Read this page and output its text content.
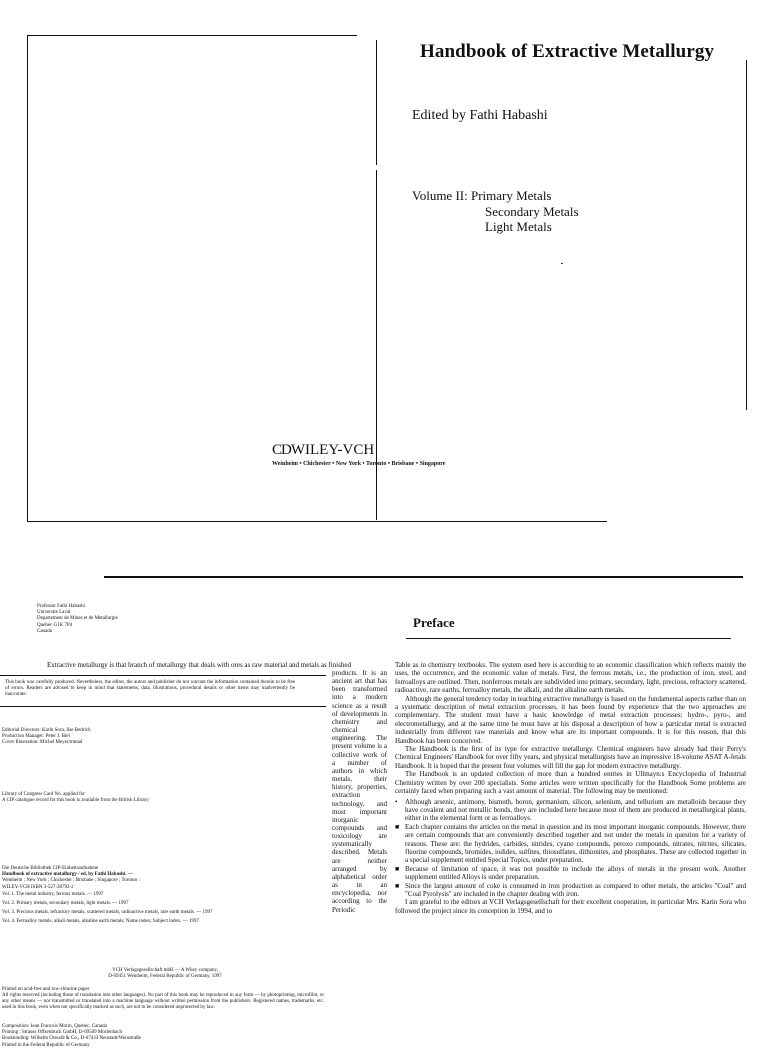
Handbook of Extractive Metallurgy
Edited by Fathi Habashi
Volume II: Primary Metals
Secondary Metals
Light Metals
CDWILEY-VCH
Weinheim • Chichester • New York • Toronto • Brisbane • Singapore
Professor Fathi Habashi
Universite Laval
Departement de Mines et de Metallurgie
Quebec G1K 7P4
Canada
Preface
Extractive metallurgy is that branch of metallurgy that deals with ores as raw material and metals as finished
This book was carefully produced. Nevertheless, the editor, the autors and publisher do not warrant the information contained therein to be free of errors. Readers are advised to keep in mind that statements, data, illustrations, procedural details or other items may inadvertently be inaccurate.
Editorial Directors: Karin Sora, Ilse Bedrich
Production Manager: Peter J. Biel
Cover Illustration: Michel Meyer/mmad
Library of Congress Card No. applied for
A CIP catalogue record for this book is available from the British Library
Die Deutsche Bibliothek CIP-Einheitsaufnahme
Handbook of extractive metallurgy / ed. by Fathi Habashi. —
Weinheim ; New York ; Chichester ; Brisbane ; Singapore ; Toronto :
WILEY-VCH ISBN 3-527-28792-2
Vol. 1. The metal industry, ferrous metals. — 1997
Vol. 2. Primary metals, secondary metals, light metals. — 1997
Vol. 3. Precious metals, refractory metals, scattered metals, radioactive metals, rare earth metals. — 1997
Vol. 4. Ferroalloy metals, alkali metals, alkaline earth metals; Name index; Subject index. — 1997
VCH Verlagsgesellschaft mbH — A Wiley company,
D-69451 Weinheim, Federal Republic of Germany, 1997
Printed on acid-free and low-chlorine paper
All rights reserved (including those of translation into other languages). No part of this book may be reproduced in any form — by photoprinting, microfilm, or any other means — nor transmitted or translated into a machine language without written permission from the publishers. Registered names, trademarks, etc. used in this book, even when not specifically marked as such, are not to be considered unprotected by law.
Composition: Jean Francois Morin, Quebec, Canada
Printing : Strauss Offsetdruck GmbH, D-69509 Morlenbach
Bookbinding: Wilhelm Oswald & Co., D-67433 Neustadt/Weinstraße
Printed in the Federal Republic of Germany
products. It is an ancient art that has been transformed into a modern science as a result of developments in chemistry and chemical engineering. The present volume is a collective work of a number of authors in which metals, their history, properties, extraction technology, and most important inorganic compounds and toxicology are systematically described. Metals are neither arranged by alphabetical order as in an encyclopedia, nor according to the Periodic

Table as in chemistry textbooks. The system used here is according to an economic classification which reflects mainly the uses, the occurrence, and the economic value of metals. First, the ferrous metals, i.e., the production of iron, steel, and ferroalloys are outlined. Then, nonferrous metals are subdivided into primary, secondary, light, precious, refractory scattered, radioactive, rare earths, ferroalloy metals, the alkali, and the alkaline earth metals.

Although the general tendency today in teaching extractive metallurgy is based on the fundamental aspects rather than on a systematic description of metal extraction processes, it has been found by experience that the two approaches are complementary. The student must have a basic knowledge of metal extraction processes: hydro-, pyro-, and electrometallurgy, and at the same time he must have at his disposal a description of how a particular metal is extracted industrially from different raw materials and know what are its important compounds. It is for this reason, that this Handbook has been conceived.

The Handbook is the first of its type for extractive metallurgy. Chemical engineers have already had their Perry's Chemical Engineers' Handbook for over fifty years, and physical metallurgists have an impressive 18-volume ASAT A-fetals Handbook. It is hoped that the present four volumes will fill the gap for modern extractive metallurgy.

The Handbook is an updated collection of more than a hundred entries in Ullmayn:s Encyclopedia of Industrial Chemistry written by over 200 specialists. Some articles were written specifically for the Handbook Some problems are certainly faced when preparing such a vast amount of material. The following may be mentioned:

• Although arsenic, antimony, bismuth, boron, germanium, silicon, selenium, and tellurium are metalloids because they have covalent and not metallic bonds, they are included here because most of them are produced in metallurgical plants, either in the elemental form or as ferroalloys.
■ Each chapter contains the articles on the metal in question and its most important inorganic compounds. However, there are certain compounds that are conveniently described together and not under the metals in question for a variety of reasons. These are: the hydrides, carbides, nitrides, cyano compounds, peroxo compounds, nitrates, nitrites, silicates, fluorine compounds, bromides, iodides, sulfites, thiosulfates, dithionites, and phosphates. These are collected together in a special supplement entitled Special Topics, under preparation.
■ Because of limitation of space, it was not possible to include the alloys of metals in the present work. Another supplement entitled Alloys is under preparation.
■ Since the largest amount of coke is consumed in iron production as compared to other metals, the articles "Coal" and "Coal Pyrolysis" are included in the chapter dealing with iron.

I am grateful to the editors at VCH Verlagsgesellschaft for their excellent cooperation, in particular Mrs. Karin Sora who followed the project since its conception in 1994, and to
